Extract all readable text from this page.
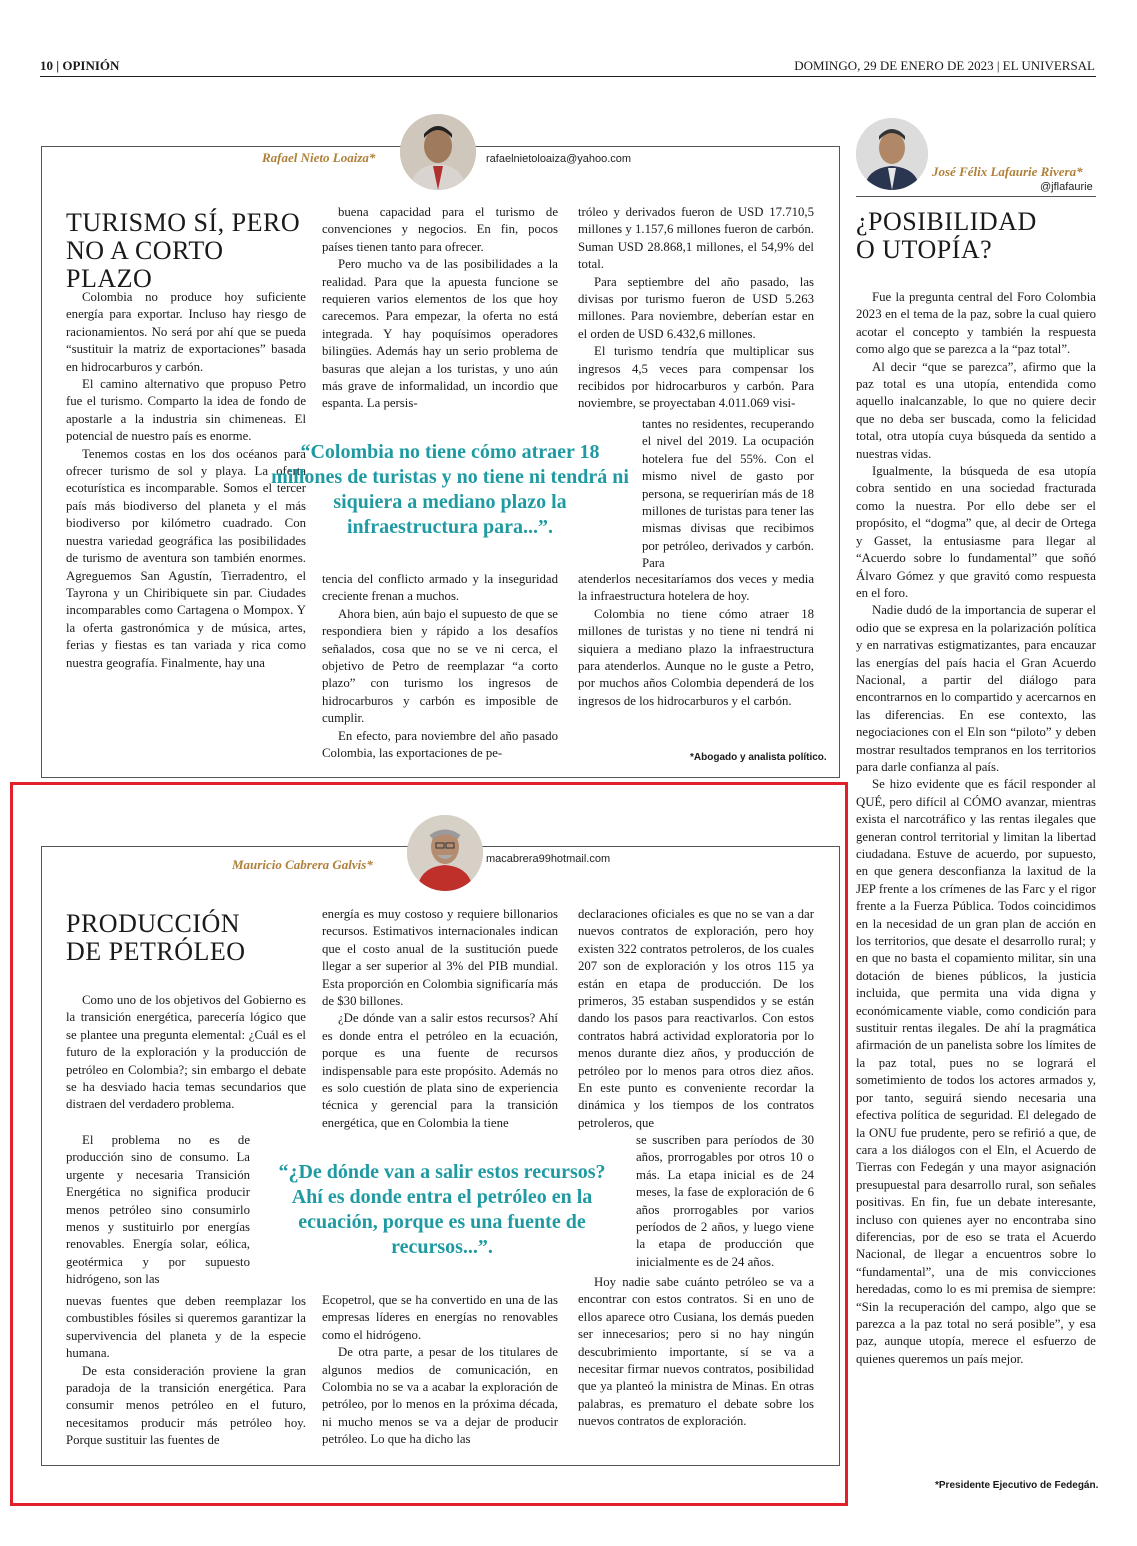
10 | OPINIÓN	DOMINGO, 29 DE ENERO DE 2023 | EL UNIVERSAL
Rafael Nieto Loaiza*	rafaelnietoloaiza@yahoo.com
TURISMO SÍ, PERO
NO A CORTO PLAZO

Colombia no produce hoy suficiente energía para exportar. Incluso hay riesgo de racionamientos. No será por ahí que se pueda “sustituir la matriz de exportaciones” basada en hidrocarburos y carbón.

El camino alternativo que propuso Petro fue el turismo. Comparto la idea de fondo de apostarle a la industria sin chimeneas. El potencial de nuestro país es enorme.

Tenemos costas en los dos océanos para ofrecer turismo de sol y playa. La oferta ecoturística es incomparable. Somos el tercer país más biodiverso del planeta y el más biodiverso por kilómetro cuadrado. Con nuestra variedad geográfica las posibilidades de turismo de aventura son también enormes. Agreguemos San Agustín, Tierradentro, el Tayrona y un Chiribiquete sin par. Ciudades incomparables como Cartagena o Mompox. Y la oferta gastronómica y de música, artes, ferias y fiestas es tan variada y rica como nuestra geografía. Finalmente, hay una

buena capacidad para el turismo de convenciones y negocios. En fin, pocos países tienen tanto para ofrecer.

Pero mucho va de las posibilidades a la realidad. Para que la apuesta funcione se requieren varios elementos de los que hoy carecemos. Para empezar, la oferta no está integrada. Y hay poquísimos operadores bilingües. Además hay un serio problema de basuras que alejan a los turistas, y uno aún más grave de informalidad, un incordio que espanta. La persis-

tencia del conflicto armado y la inseguridad creciente frenan a muchos.

Ahora bien, aún bajo el supuesto de que se respondiera bien y rápido a los desafíos señalados, cosa que no se ve ni cerca, el objetivo de Petro de reemplazar “a corto plazo” con turismo los ingresos de hidrocarburos y carbón es imposible de cumplir.

En efecto, para noviembre del año pasado Colombia, las exportaciones de pe-

tróleo y derivados fueron de USD 17.710,5 millones y 1.157,6 millones fueron de carbón. Suman USD 28.868,1 millones, el 54,9% del total.

Para septiembre del año pasado, las divisas por turismo fueron de USD 5.263 millones. Para noviembre, deberían estar en el orden de USD 6.432,6 millones.

El turismo tendría que multiplicar sus ingresos 4,5 veces para compensar los recibidos por hidrocarburos y carbón. Para noviembre, se proyectaban 4.011.069 visi-

tantes no residentes, recuperando el nivel del 2019. La ocupación hotelera fue del 55%. Con el mismo nivel de gasto por persona, se requerirían más de 18 millones de turistas para tener las mismas divisas que recibimos por petróleo, derivados y carbón. Para

atenderlos necesitaríamos dos veces y media la infraestructura hotelera de hoy.

Colombia no tiene cómo atraer 18 millones de turistas y no tiene ni tendrá ni siquiera a mediano plazo la infraestructura para atenderlos. Aunque no le guste a Petro, por muchos años Colombia dependerá de los ingresos de los hidrocarburos y el carbón.

“Colombia no tiene cómo atraer 18 millones de turistas y no tiene ni tendrá ni siquiera a mediano plazo la infraestructura para...”.
*Abogado y analista político.
Mauricio Cabrera Galvis*	macabrera99hotmail.com
PRODUCCIÓN
DE PETRÓLEO

Como uno de los objetivos del Gobierno es la transición energética, parecería lógico que se plantee una pregunta elemental: ¿Cuál es el futuro de la exploración y la producción de petróleo en Colombia?; sin embargo el debate se ha desviado hacia temas secundarios que distraen del verdadero problema.

El problema no es de producción sino de consumo. La urgente y necesaria Transición Energética no significa producir menos petróleo sino consumirlo menos y sustituirlo por energías renovables. Energía solar, eólica, geotérmica y por supuesto hidrógeno, son las

nuevas fuentes que deben reemplazar los combustibles fósiles si queremos garantizar la supervivencia del planeta y de la especie humana.

De esta consideración proviene la gran paradoja de la transición energética. Para consumir menos petróleo en el futuro, necesitamos producir más petróleo hoy. Porque sustituir las fuentes de

energía es muy costoso y requiere billonarios recursos. Estimativos internacionales indican que el costo anual de la sustitución puede llegar a ser superior al 3% del PIB mundial. Esta proporción en Colombia significaría más de $30 billones.

¿De dónde van a salir estos recursos? Ahí es donde entra el petróleo en la ecuación, porque es una fuente de recursos indispensable para este propósito. Además no es solo cuestión de plata sino de experiencia técnica y gerencial para la transición energética, que en Colombia la tiene

Ecopetrol, que se ha convertido en una de las empresas líderes en energías no renovables como el hidrógeno.

De otra parte, a pesar de los titulares de algunos medios de comunicación, en Colombia no se va a acabar la exploración de petróleo, por lo menos en la próxima década, ni mucho menos se va a dejar de producir petróleo. Lo que ha dicho las

declaraciones oficiales es que no se van a dar nuevos contratos de exploración, pero hoy existen 322 contratos petroleros, de los cuales 207 son de exploración y los otros 115 ya están en etapa de producción. De los primeros, 35 estaban suspendidos y se están dando los pasos para reactivarlos. Con estos contratos habrá actividad exploratoria por lo menos durante diez años, y producción de petróleo por lo menos para otros diez años. En este punto es conveniente recordar la dinámica y los tiempos de los contratos petroleros, que

se suscriben para períodos de 30 años, prorrogables por otros 10 o más. La etapa inicial es de 24 meses, la fase de exploración de 6 años prorrogables por varios períodos de 2 años, y luego viene la etapa de producción que inicialmente es de 24 años.

Hoy nadie sabe cuánto petróleo se va a encontrar con estos contratos. Si en uno de ellos aparece otro Cusiana, los demás pueden ser innecesarios; pero si no hay ningún descubrimiento importante, sí se va a necesitar firmar nuevos contratos, posibilidad que ya planteó la ministra de Minas. En otras palabras, es prematuro el debate sobre los nuevos contratos de exploración.

“¿De dónde van a salir estos recursos? Ahí es donde entra el petróleo en la ecuación, porque es una fuente de recursos...”.
José Félix Lafaurie Rivera*
@jflafaurie
¿POSIBILIDAD
O UTOPÍA?

Fue la pregunta central del Foro Colombia 2023 en el tema de la paz, sobre la cual quiero acotar el concepto y también la respuesta como algo que se parezca a la “paz total”.

Al decir “que se parezca”, afirmo que la paz total es una utopía, entendida como aquello inalcanzable, lo que no quiere decir que no deba ser buscada, como la felicidad total, otra utopía cuya búsqueda da sentido a nuestras vidas.

Igualmente, la búsqueda de esa utopía cobra sentido en una sociedad fracturada como la nuestra. Por ello debe ser el propósito, el “dogma” que, al decir de Ortega y Gasset, la entusiasme para llegar al “Acuerdo sobre lo fundamental” que soñó Álvaro Gómez y que gravitó como respuesta en el foro.

Nadie dudó de la importancia de superar el odio que se expresa en la polarización política y en narrativas estigmatizantes, para encauzar las energías del país hacia el Gran Acuerdo Nacional, a partir del diálogo para encontrarnos en lo compartido y acercarnos en las diferencias. En ese contexto, las negociaciones con el Eln son “piloto” y deben mostrar resultados tempranos en los territorios para darle confianza al país.

Se hizo evidente que es fácil responder al QUÉ, pero difícil al CÓMO avanzar, mientras exista el narcotráfico y las rentas ilegales que generan control territorial y limitan la libertad ciudadana. Estuve de acuerdo, por supuesto, en que genera desconfianza la laxitud de la JEP frente a los crímenes de las Farc y el rigor frente a la Fuerza Pública. Todos coincidimos en la necesidad de un gran plan de acción en los territorios, que desate el desarrollo rural; y en que no basta el copamiento militar, sin una dotación de bienes públicos, la justicia incluida, que permita una vida digna y económicamente viable, como condición para sustituir rentas ilegales. De ahí la pragmática afirmación de un panelista sobre los límites de la paz total, pues no se logrará el sometimiento de todos los actores armados y, por tanto, seguirá siendo necesaria una efectiva política de seguridad. El delegado de la ONU fue prudente, pero se refirió a que, de cara a los diálogos con el Eln, el Acuerdo de Tierras con Fedegán y una mayor asignación presupuestal para desarrollo rural, son señales positivas. En fin, fue un debate interesante, incluso con quienes ayer no encontraba sino diferencias, por de eso se trata el Acuerdo Nacional, de llegar a encuentros sobre lo “fundamental”, una de mis convicciones heredadas, como lo es mi premisa de siempre: “Sin la recuperación del campo, algo que se parezca a la paz total no será posible”, y esa paz, aunque utopía, merece el esfuerzo de quienes queremos un país mejor.

*Presidente Ejecutivo de Fedegán.
